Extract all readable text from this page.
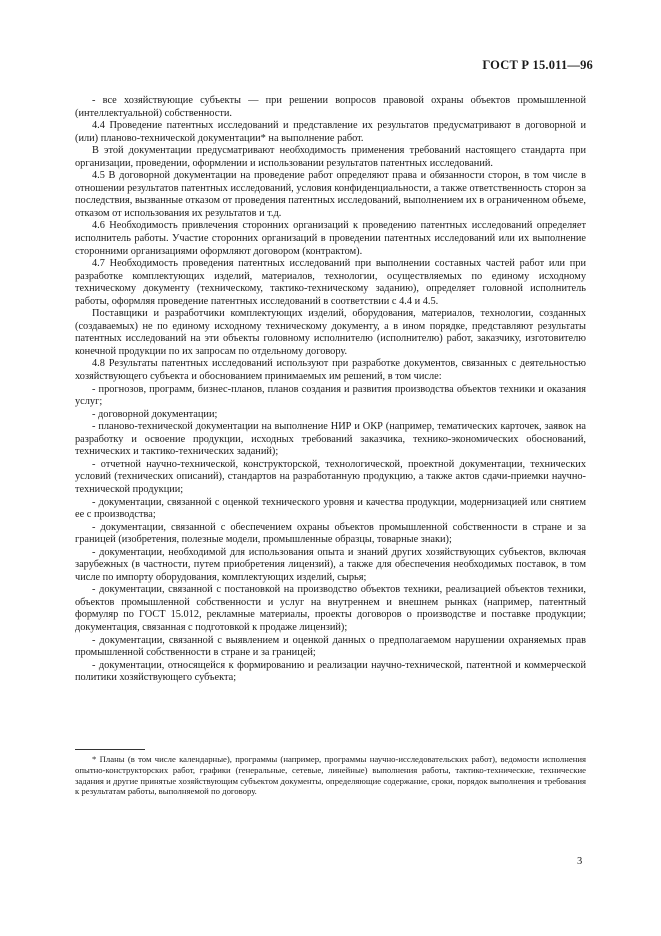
ГОСТ Р 15.011—96

- все хозяйствующие субъекты — при решении вопросов правовой охраны объектов промышленной (интеллектуальной) собственности.

4.4 Проведение патентных исследований и представление их результатов предусматривают в договорной и (или) планово-технической документации* на выполнение работ.

В этой документации предусматривают необходимость применения требований настоящего стандарта при организации, проведении, оформлении и использовании результатов патентных исследований.

4.5 В договорной документации на проведение работ определяют права и обязанности сторон, в том числе в отношении результатов патентных исследований, условия конфиденциальности, а также ответственность сторон за последствия, вызванные отказом от проведения патентных исследований, выполнением их в ограниченном объеме, отказом от использования их результатов и т.д.

4.6 Необходимость привлечения сторонних организаций к проведению патентных исследований определяет исполнитель работы. Участие сторонних организаций в проведении патентных исследований или их выполнение сторонними организациями оформляют договором (контрактом).

4.7 Необходимость проведения патентных исследований при выполнении составных частей работ или при разработке комплектующих изделий, материалов, технологии, осуществляемых по единому исходному техническому документу (техническому, тактико-техническому заданию), определяет головной исполнитель работы, оформляя проведение патентных исследований в соответствии с 4.4 и 4.5.

Поставщики и разработчики комплектующих изделий, оборудования, материалов, технологии, созданных (создаваемых) не по единому исходному техническому документу, а в ином порядке, представляют результаты патентных исследований на эти объекты головному исполнителю (исполнителю) работ, заказчику, изготовителю конечной продукции по их запросам по отдельному договору.

4.8 Результаты патентных исследований используют при разработке документов, связанных с деятельностью хозяйствующего субъекта и обоснованием принимаемых им решений, в том числе:

- прогнозов, программ, бизнес-планов, планов создания и развития производства объектов техники и оказания услуг;

- договорной документации;

- планово-технической документации на выполнение НИР и ОКР (например, тематических карточек, заявок на разработку и освоение продукции, исходных требований заказчика, технико-экономических обоснований, технических и тактико-технических заданий);

- отчетной научно-технической, конструкторской, технологической, проектной документации, технических условий (технических описаний), стандартов на разработанную продукцию, а также актов сдачи-приемки научно-технической продукции;

- документации, связанной с оценкой технического уровня и качества продукции, модернизацией или снятием ее с производства;

- документации, связанной с обеспечением охраны объектов промышленной собственности в стране и за границей (изобретения, полезные модели, промышленные образцы, товарные знаки);

- документации, необходимой для использования опыта и знаний других хозяйствующих субъектов, включая зарубежных (в частности, путем приобретения лицензий), а также для обеспечения необходимых поставок, в том числе по импорту оборудования, комплектующих изделий, сырья;

- документации, связанной с постановкой на производство объектов техники, реализацией объектов техники, объектов промышленной собственности и услуг на внутреннем и внешнем рынках (например, патентный формуляр по ГОСТ 15.012, рекламные материалы, проекты договоров о производстве и поставке продукции; документация, связанная с подготовкой к продаже лицензий);

- документации, связанной с выявлением и оценкой данных о предполагаемом нарушении охраняемых прав промышленной собственности в стране и за границей;

- документации, относящейся к формированию и реализации научно-технической, патентной и коммерческой политики хозяйствующего субъекта;

* Планы (в том числе календарные), программы (например, программы научно-исследовательских работ), ведомости исполнения опытно-конструкторских работ, графики (генеральные, сетевые, линейные) выполнения работы, тактико-технические, технические задания и другие принятые хозяйствующим субъектом документы, определяющие содержание, сроки, порядок выполнения и требования к результатам работы, выполняемой по договору.

3
